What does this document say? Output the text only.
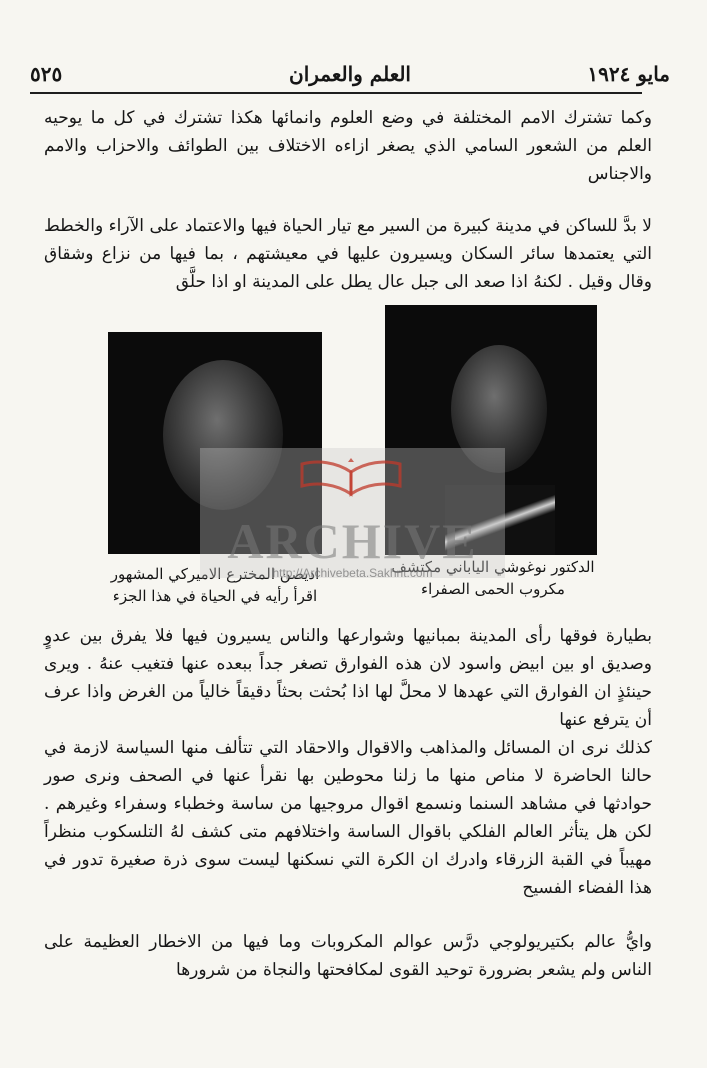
مايو ١٩٢٤
العلم والعمران
٥٢٥

وكما تشترك الامم المختلفة في وضع العلوم وانمائها هكذا تشترك في كل ما يوحيه العلم من الشعور السامي الذي يصغر ازاءه الاختلاف بين الطوائف والاحزاب والامم والاجناس

لا بدَّ للساكن في مدينة كبيرة من السير مع تيار الحياة فيها والاعتماد على الآراء والخطط التي يعتمدها سائر السكان ويسيرون عليها في معيشتهم ، بما فيها من نزاع وشقاق وقال وقيل . لكنهُ اذا صعد الى جبل عال يطل على المدينة او اذا حلَّق

اديصن المخترع الاميركي المشهور
اقرأ رأيه في الحياة في هذا الجزء
الدكتور نوغوشي الياباني مكتشف
مكروب الحمى الصفراء
ARCHIVE
http://Archivebeta.Sakhrit.com

بطيارة فوقها رأى المدينة بمبانيها وشوارعها والناس يسيرون فيها فلا يفرق بين عدوٍ وصديق او بين ابيض واسود لان هذه الفوارق تصغر جداً ببعده عنها فتغيب عنهُ . ويرى حينئذٍ ان الفوارق التي عهدها لا محلَّ لها اذا بُحثت بحثاً دقيقاً خالياً من الغرض واذا عرف أن يترفع عنها

كذلك نرى ان المسائل والمذاهب والاقوال والاحقاد التي تتألف منها السياسة لازمة في حالنا الحاضرة لا مناص منها ما زلنا محوطين بها نقرأ عنها في الصحف ونرى صور حوادثها في مشاهد السنما ونسمع اقوال مروجيها من ساسة وخطباء وسفراء وغيرهم . لكن هل يتأثر العالم الفلكي باقوال الساسة واختلافهم متى كشف لهُ التلسكوب منظراً مهيباً في القبة الزرقاء وادرك ان الكرة التي نسكنها ليست سوى ذرة صغيرة تدور في هذا الفضاء الفسيح

وايُّ عالم بكتيريولوجي درَّس عوالم المكروبات وما فيها من الاخطار العظيمة على الناس ولم يشعر بضرورة توحيد القوى لمكافحتها والنجاة من شرورها
